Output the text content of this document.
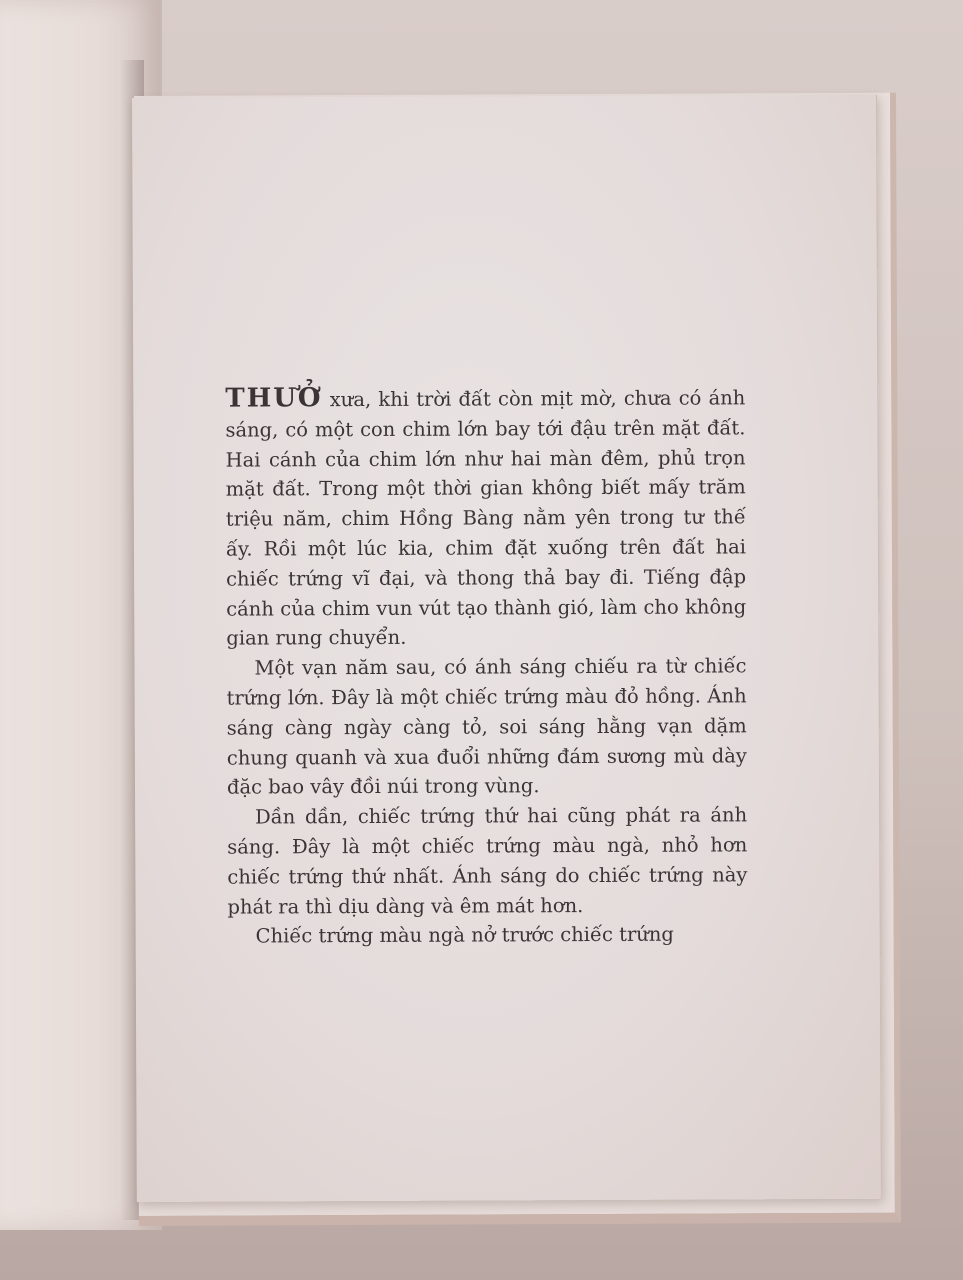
THƯỞ xưa, khi trời đất còn mịt mờ, chưa có ánh sáng, có một con chim lớn bay tới đậu trên mặt đất. Hai cánh của chim lớn như hai màn đêm, phủ trọn mặt đất. Trong một thời gian không biết mấy trăm triệu năm, chim Hồng Bàng nằm yên trong tư thế ấy. Rồi một lúc kia, chim đặt xuống trên đất hai chiếc trứng vĩ đại, và thong thả bay đi. Tiếng đập cánh của chim vun vút tạo thành gió, làm cho không gian rung chuyển.

Một vạn năm sau, có ánh sáng chiếu ra từ chiếc trứng lớn. Đây là một chiếc trứng màu đỏ hồng. Ánh sáng càng ngày càng tỏ, soi sáng hằng vạn dặm chung quanh và xua đuổi những đám sương mù dày đặc bao vây đồi núi trong vùng.

Dần dần, chiếc trứng thứ hai cũng phát ra ánh sáng. Đây là một chiếc trứng màu ngà, nhỏ hơn chiếc trứng thứ nhất. Ánh sáng do chiếc trứng này phát ra thì dịu dàng và êm mát hơn.

Chiếc trứng màu ngà nở trước chiếc trứng
